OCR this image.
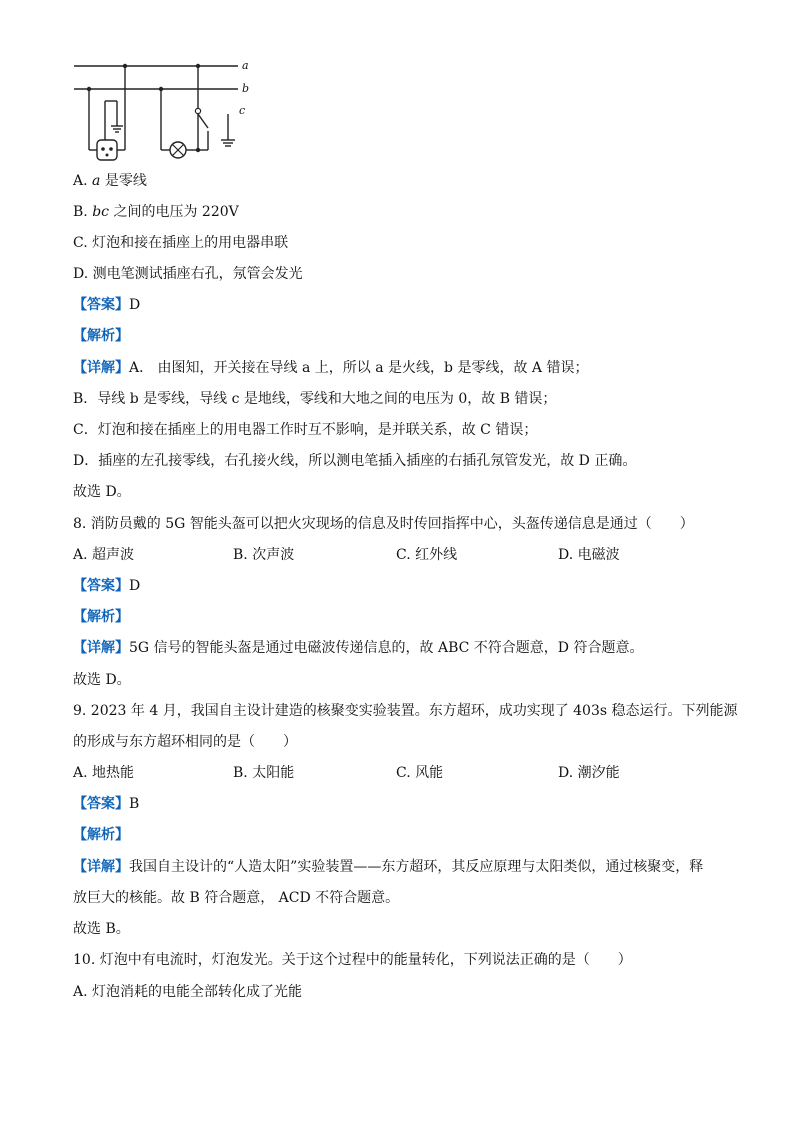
a
b
c
A. a 是零线
B. bc 之间的电压为 220V
C. 灯泡和接在插座上的用电器串联
D. 测电笔测试插座右孔，氖管会发光
【答案】D
【解析】
【详解】A． 由图知，开关接在导线 a 上，所以 a 是火线，b 是零线，故 A 错误；
B．导线 b 是零线，导线 c 是地线，零线和大地之间的电压为 0，故 B 错误；
C．灯泡和接在插座上的用电器工作时互不影响，是并联关系，故 C 错误；
D．插座的左孔接零线，右孔接火线，所以测电笔插入插座的右插孔氖管发光，故 D 正确。
故选 D。
8. 消防员戴的 5G 智能头盔可以把火灾现场的信息及时传回指挥中心，头盔传递信息是通过（　　）
A. 超声波	B. 次声波	C. 红外线	D. 电磁波
【答案】D
【解析】
【详解】5G 信号的智能头盔是通过电磁波传递信息的，故 ABC 不符合题意，D 符合题意。
故选 D。
9. 2023 年 4 月，我国自主设计建造的核聚变实验装置。东方超环，成功实现了 403s 稳态运行。下列能源
的形成与东方超环相同的是（　　）
A. 地热能	B. 太阳能	C. 风能	D. 潮汐能
【答案】B
【解析】
【详解】我国自主设计的“人造太阳”实验装置——东方超环，其反应原理与太阳类似，通过核聚变，释
放巨大的核能。故 B 符合题意， ACD 不符合题意。
故选 B。
10. 灯泡中有电流时，灯泡发光。关于这个过程中的能量转化，下列说法正确的是（　　）
A. 灯泡消耗的电能全部转化成了光能
